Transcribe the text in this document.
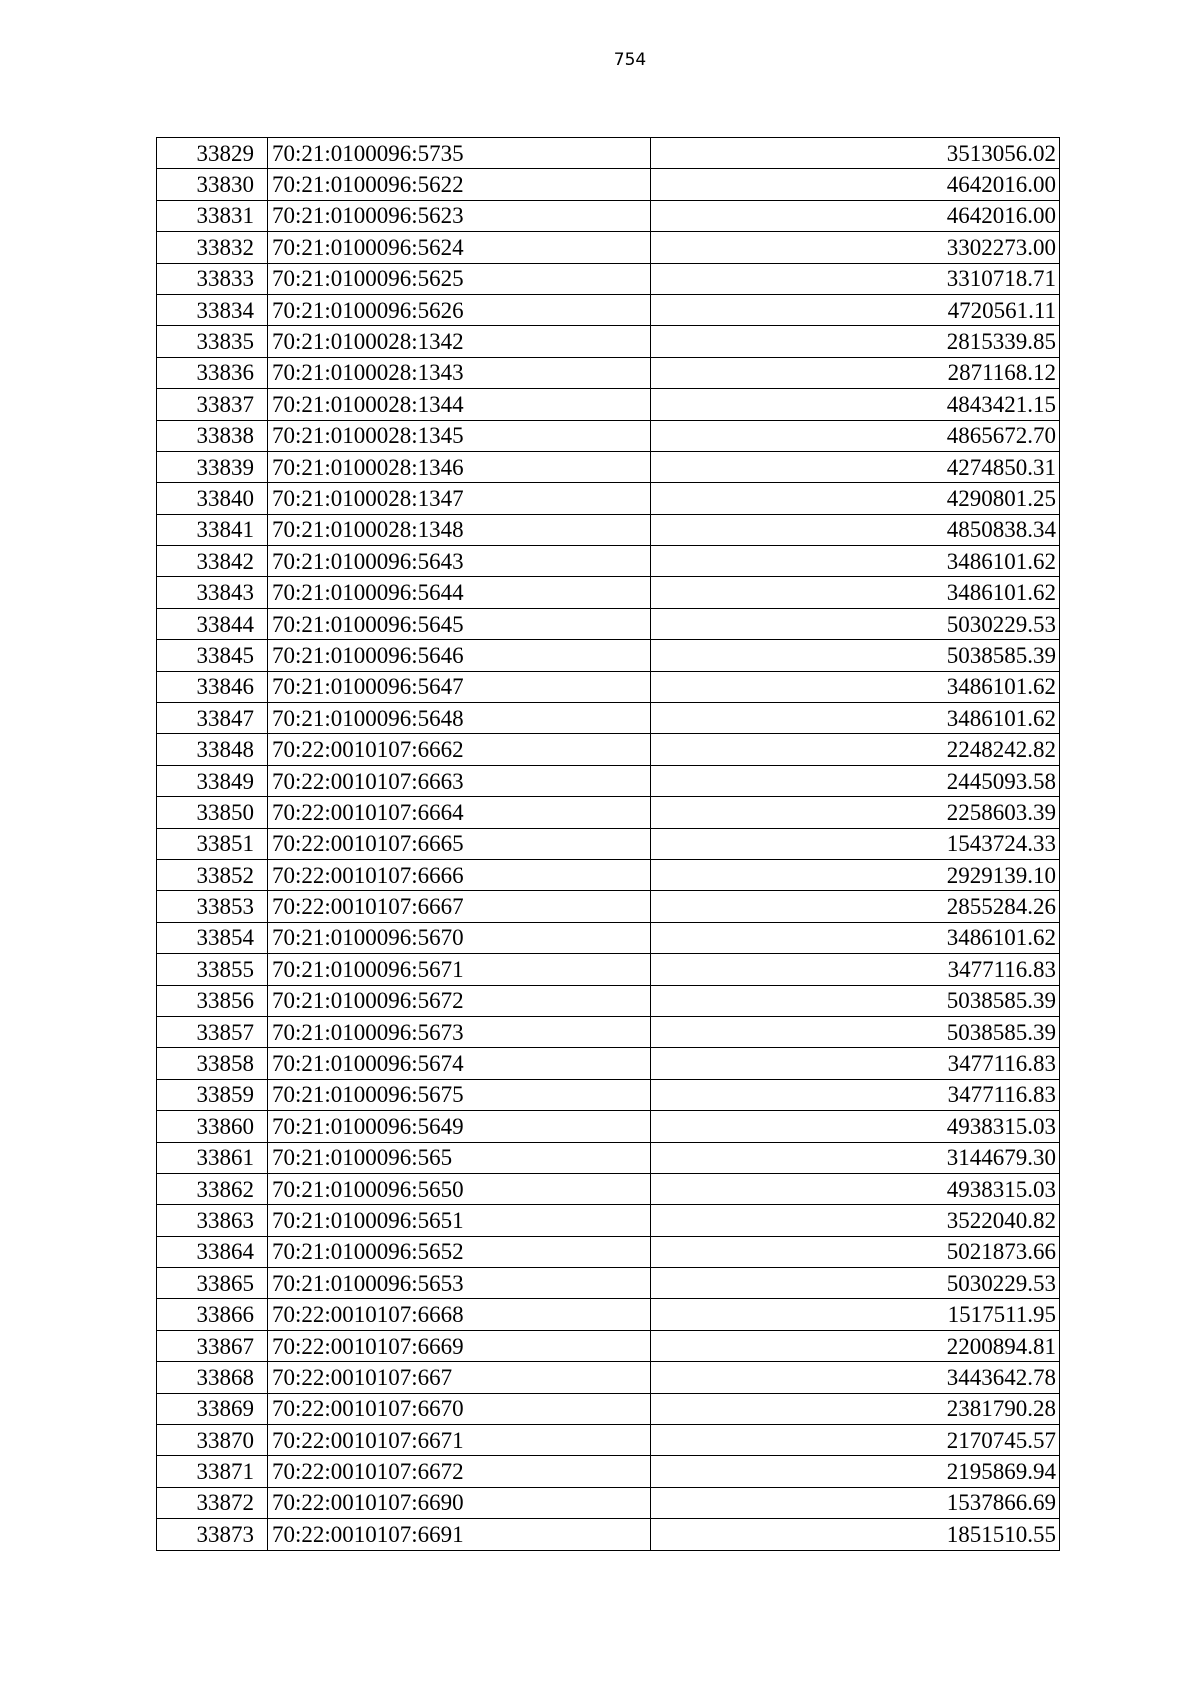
754
33829	70:21:0100096:5735	3513056.02
33830	70:21:0100096:5622	4642016.00
33831	70:21:0100096:5623	4642016.00
33832	70:21:0100096:5624	3302273.00
33833	70:21:0100096:5625	3310718.71
33834	70:21:0100096:5626	4720561.11
33835	70:21:0100028:1342	2815339.85
33836	70:21:0100028:1343	2871168.12
33837	70:21:0100028:1344	4843421.15
33838	70:21:0100028:1345	4865672.70
33839	70:21:0100028:1346	4274850.31
33840	70:21:0100028:1347	4290801.25
33841	70:21:0100028:1348	4850838.34
33842	70:21:0100096:5643	3486101.62
33843	70:21:0100096:5644	3486101.62
33844	70:21:0100096:5645	5030229.53
33845	70:21:0100096:5646	5038585.39
33846	70:21:0100096:5647	3486101.62
33847	70:21:0100096:5648	3486101.62
33848	70:22:0010107:6662	2248242.82
33849	70:22:0010107:6663	2445093.58
33850	70:22:0010107:6664	2258603.39
33851	70:22:0010107:6665	1543724.33
33852	70:22:0010107:6666	2929139.10
33853	70:22:0010107:6667	2855284.26
33854	70:21:0100096:5670	3486101.62
33855	70:21:0100096:5671	3477116.83
33856	70:21:0100096:5672	5038585.39
33857	70:21:0100096:5673	5038585.39
33858	70:21:0100096:5674	3477116.83
33859	70:21:0100096:5675	3477116.83
33860	70:21:0100096:5649	4938315.03
33861	70:21:0100096:565	3144679.30
33862	70:21:0100096:5650	4938315.03
33863	70:21:0100096:5651	3522040.82
33864	70:21:0100096:5652	5021873.66
33865	70:21:0100096:5653	5030229.53
33866	70:22:0010107:6668	1517511.95
33867	70:22:0010107:6669	2200894.81
33868	70:22:0010107:667	3443642.78
33869	70:22:0010107:6670	2381790.28
33870	70:22:0010107:6671	2170745.57
33871	70:22:0010107:6672	2195869.94
33872	70:22:0010107:6690	1537866.69
33873	70:22:0010107:6691	1851510.55
